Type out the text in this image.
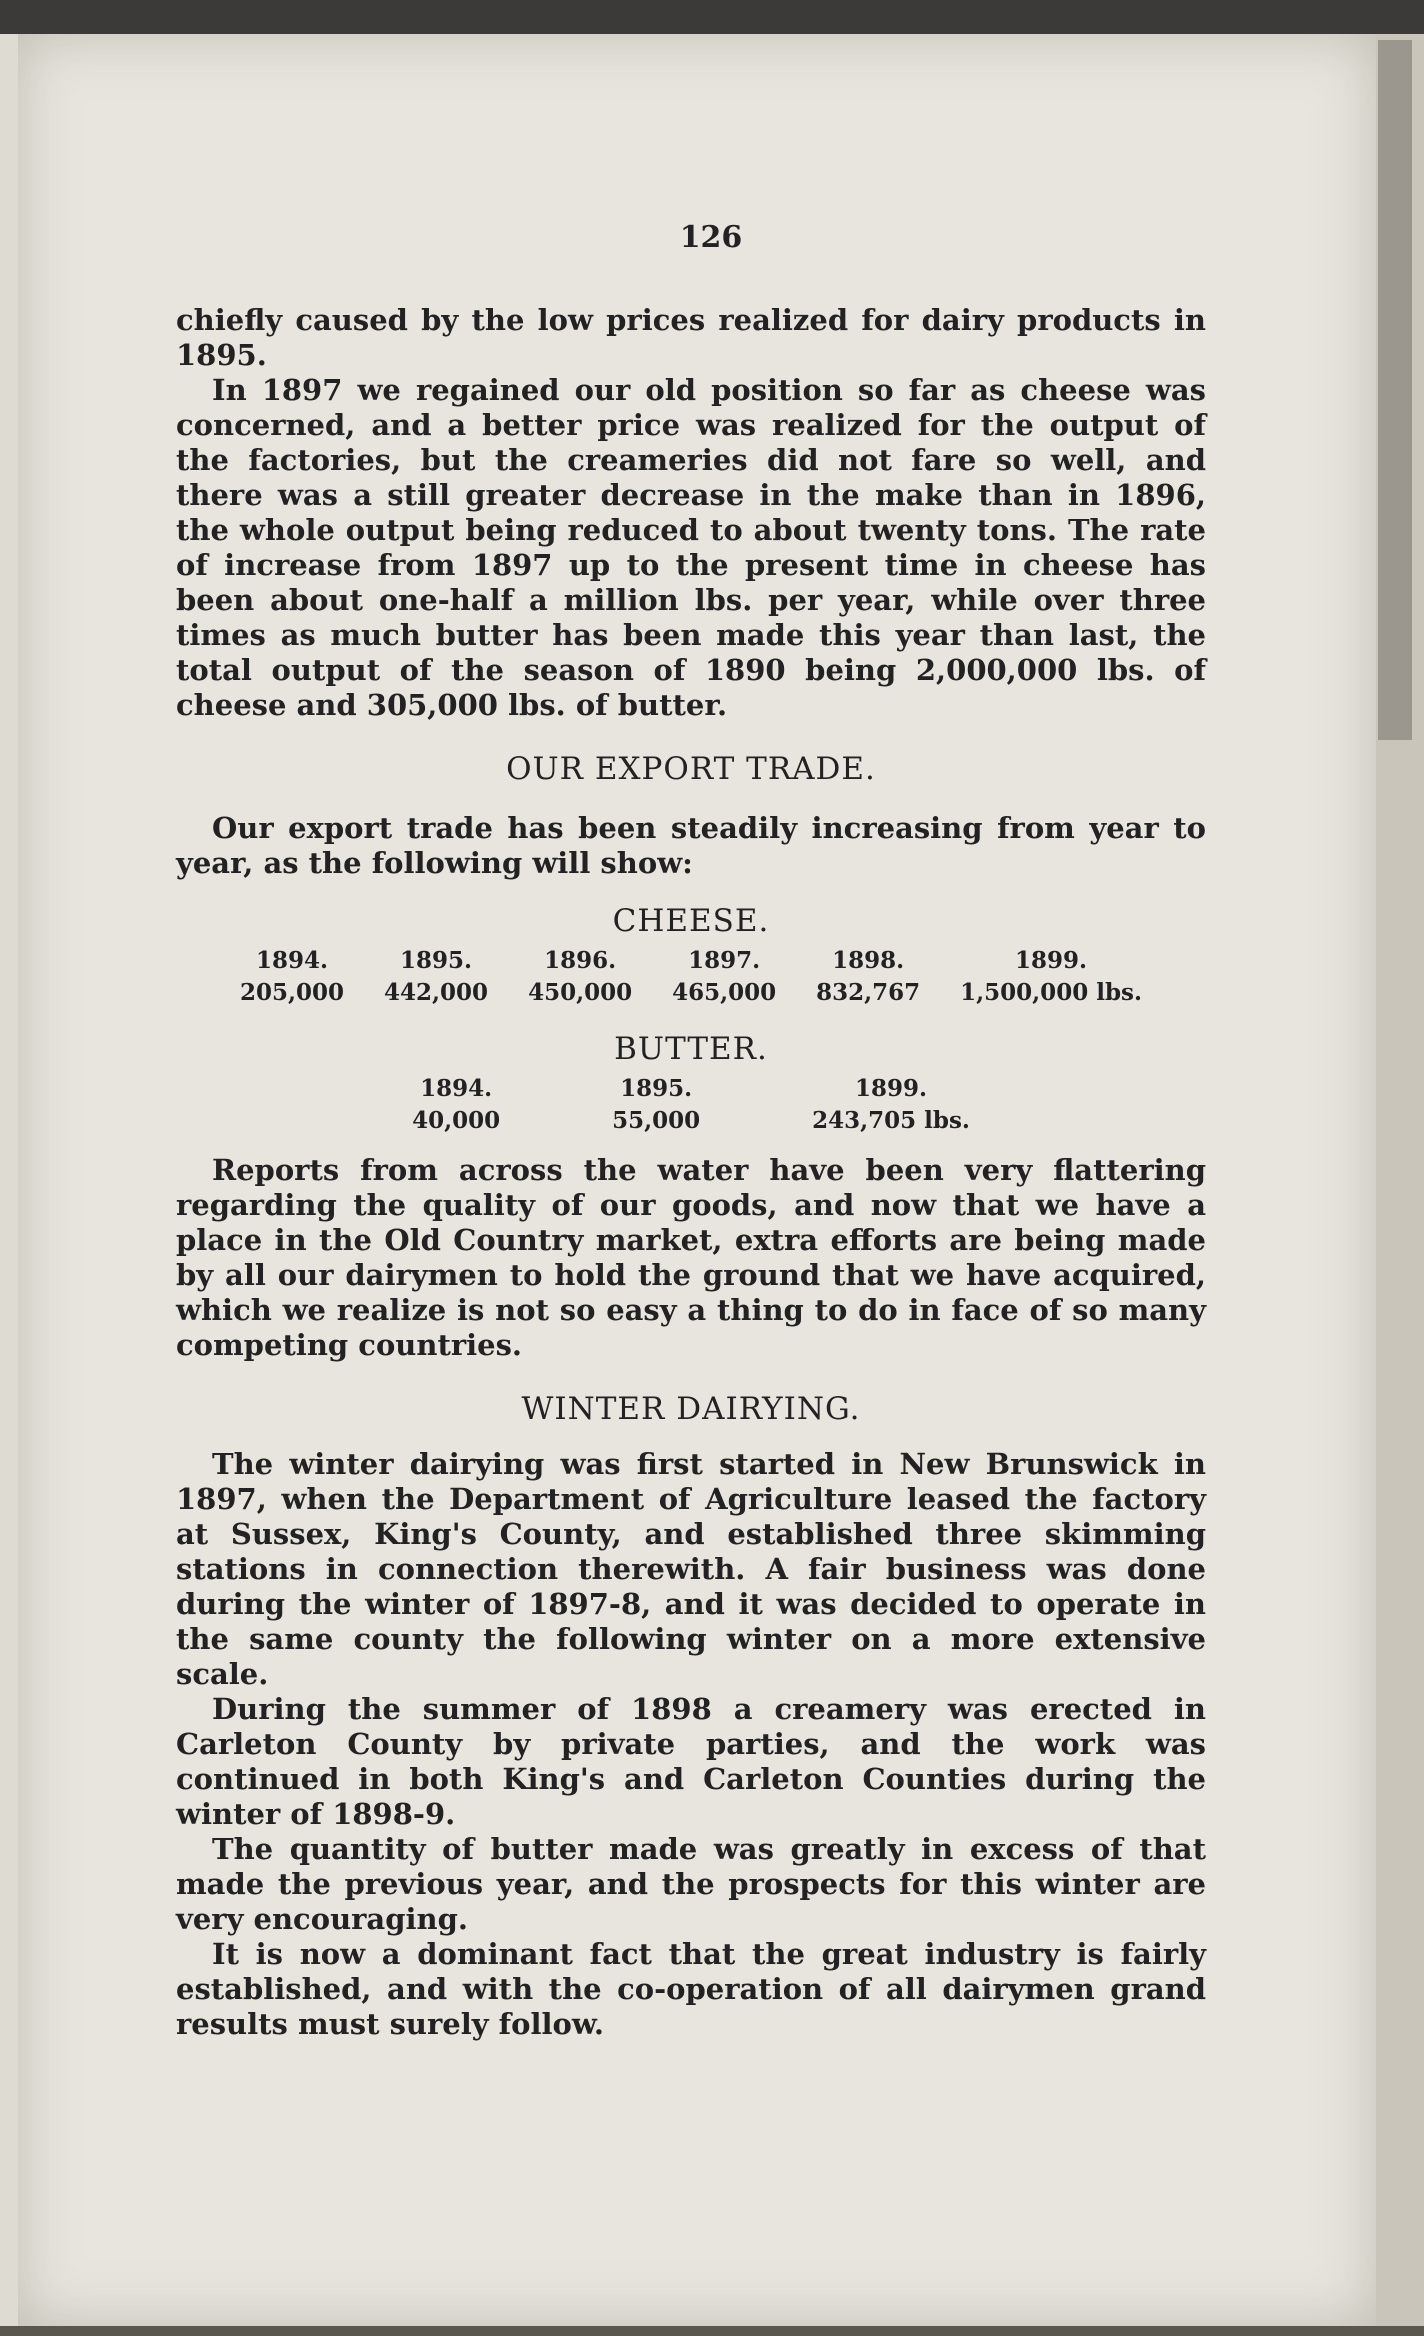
126

chiefly caused by the low prices realized for dairy products in 1895.

In 1897 we regained our old position so far as cheese was concerned, and a better price was realized for the output of the factories, but the creameries did not fare so well, and there was a still greater decrease in the make than in 1896, the whole output being reduced to about twenty tons. The rate of increase from 1897 up to the present time in cheese has been about one-half a million lbs. per year, while over three times as much butter has been made this year than last, the total output of the season of 1890 being 2,000,000 lbs. of cheese and 305,000 lbs. of butter.

OUR EXPORT TRADE.

Our export trade has been steadily increasing from year to year, as the following will show:

CHEESE.
1894.	1895.	1896.	1897.	1898.	1899.
205,000	442,000	450,000	465,000	832,767	1,500,000 lbs.
BUTTER.
1894.	1895.	1899.
40,000	55,000	243,705 lbs.

Reports from across the water have been very flattering regarding the quality of our goods, and now that we have a place in the Old Country market, extra efforts are being made by all our dairymen to hold the ground that we have acquired, which we realize is not so easy a thing to do in face of so many competing countries.

WINTER DAIRYING.

The winter dairying was first started in New Brunswick in 1897, when the Department of Agriculture leased the factory at Sussex, King's County, and established three skimming stations in connection therewith. A fair business was done during the winter of 1897-8, and it was decided to operate in the same county the following winter on a more extensive scale.

During the summer of 1898 a creamery was erected in Carleton County by private parties, and the work was continued in both King's and Carleton Counties during the winter of 1898-9.

The quantity of butter made was greatly in excess of that made the previous year, and the prospects for this winter are very encouraging.

It is now a dominant fact that the great industry is fairly established, and with the co-operation of all dairymen grand results must surely follow.
